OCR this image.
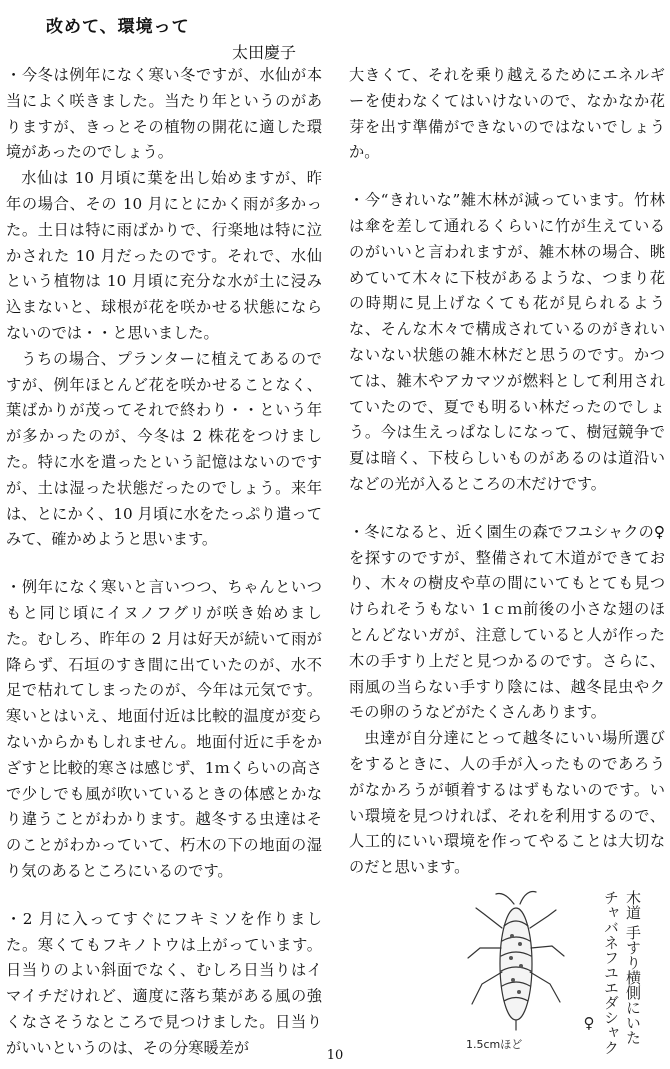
改めて、環境って
太田慶子

・今冬は例年になく寒い冬ですが、水仙が本当によく咲きました。当たり年というのがありますが、きっとその植物の開花に適した環境があったのでしょう。

水仙は 10 月頃に葉を出し始めますが、昨年の場合、その 10 月にとにかく雨が多かった。土日は特に雨ばかりで、行楽地は特に泣かされた 10 月だったのです。それで、水仙という植物は 10 月頃に充分な水が土に浸み込まないと、球根が花を咲かせる状態にならないのでは・・と思いました。

うちの場合、プランターに植えてあるのですが、例年ほとんど花を咲かせることなく、葉ばかりが茂ってそれで終わり・・という年が多かったのが、今冬は 2 株花をつけました。特に水を遣ったという記憶はないのですが、土は湿った状態だったのでしょう。来年は、とにかく、10 月頃に水をたっぷり遣ってみて、確かめようと思います。

・例年になく寒いと言いつつ、ちゃんといつもと同じ頃にイヌノフグリが咲き始めました。むしろ、昨年の 2 月は好天が続いて雨が降らず、石垣のすき間に出ていたのが、水不足で枯れてしまったのが、今年は元気です。寒いとはいえ、地面付近は比較的温度が変らないからかもしれません。地面付近に手をかざすと比較的寒さは感じず、1ｍくらいの高さで少しでも風が吹いているときの体感とかなり違うことがわかります。越冬する虫達はそのことがわかっていて、朽木の下の地面の湿り気のあるところにいるのです。

・2 月に入ってすぐにフキミソを作りました。寒くてもフキノトウは上がっています。日当りのよい斜面でなく、むしろ日当りはイマイチだけれど、適度に落ち葉がある風の強くなさそうなところで見つけました。日当りがいいというのは、その分寒暖差が

大きくて、それを乗り越えるためにエネルギーを使わなくてはいけないので、なかなか花芽を出す準備ができないのではないでしょうか。

・今“きれいな”雑木林が減っています。竹林は傘を差して通れるくらいに竹が生えているのがいいと言われますが、雑木林の場合、眺めていて木々に下枝があるような、つまり花の時期に見上げなくても花が見られるような、そんな木々で構成されているのがきれいないない状態の雑木林だと思うのです。かつては、雑木やアカマツが燃料として利用されていたので、夏でも明るい林だったのでしょう。今は生えっぱなしになって、樹冠競争で夏は暗く、下枝らしいものがあるのは道沿いなどの光が入るところの木だけです。

・冬になると、近く園生の森でフユシャクの♀を探すのですが、整備されて木道ができており、木々の樹皮や草の間にいてもとても見つけられそうもない 1ｃｍ前後の小さな翅のほとんどないガが、注意していると人が作った木の手すり上だと見つかるのです。さらに、雨風の当らない手すり陰には、越冬昆虫やクモの卵のうなどがたくさんあります。

虫達が自分達にとって越冬にいい場所選びをするときに、人の手が入ったものであろうがなかろうが頓着するはずもないのです。いい環境を見つければ、それを利用するので、人工的にいい環境を作ってやることは大切なのだと思います。

木道 手すり横側にいた
チャバネフユエダシャク
♀
1.5cmほど
10
